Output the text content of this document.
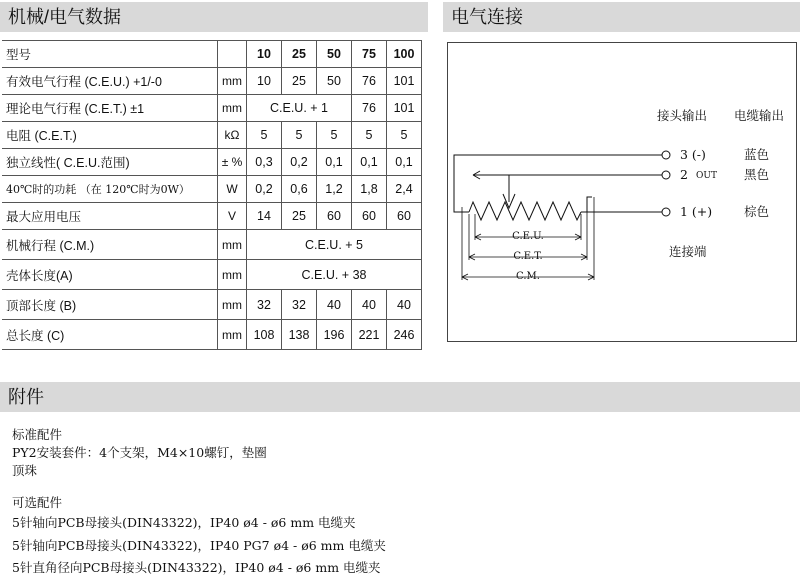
机械/电气数据	电气连接
型号		10	25	50	75	100
有效电气行程 (C.E.U.) +1/-0	mm	10	25	50	76	101
理论电气行程 (C.E.T.) ±1	mm	C.E.U. + 1			76	101
电阻 (C.E.T.)	kΩ	5	5	5	5	5
独立线性( C.E.U.范围)	± %	0,3	0,2	0,1	0,1	0,1
40℃时的功耗 （在 120℃时为0W）	W	0,2	0,6	1,2	1,8	2,4
最大应用电压	V	14	25	60	60	60
机械行程 (C.M.)	mm	C.E.U. + 5				
壳体长度(A)	mm	C.E.U. + 38				
顶部长度 (B)	mm	32	32	40	40	40
总长度 (C)	mm	108	138	196	221	246
接头输出 电缆输出
3 (-)	蓝色
2 OUT 黑色
1 (+)	棕色
C.E.U.
C.E.T.
C.M.
连接端
附件
标准配件
PY2安装套件：4个支架，M4×10螺钉，垫圈
顶珠
可选配件
5针轴向PCB母接头(DIN43322)，IP40 ø4 - ø6 mm 电缆夹
5针轴向PCB母接头(DIN43322)，IP40 PG7 ø4 - ø6 mm 电缆夹
5针直角径向PCB母接头(DIN43322)，IP40 ø4 - ø6 mm 电缆夹
